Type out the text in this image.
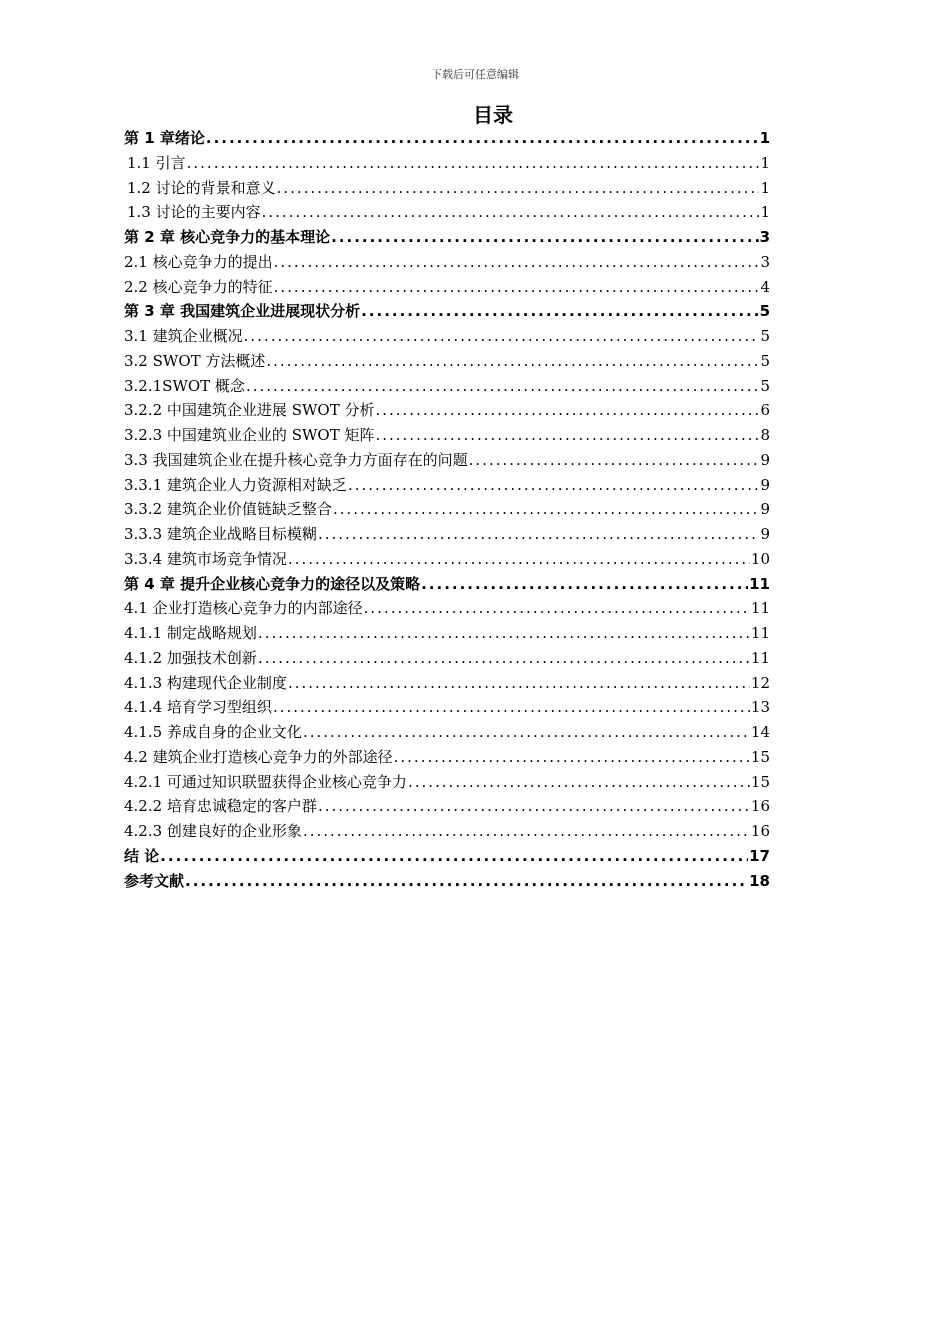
下载后可任意编辑
目录
第 1 章绪论 .....	1
1.1 引言 .....	1
1.2 讨论的背景和意义 .....	1
1.3 讨论的主要内容 .....	1
第 2 章 核心竞争力的基本理论 .....	3
2.1 核心竞争力的提出 .....	3
2.2 核心竞争力的特征 .....	4
第 3 章 我国建筑企业进展现状分析 .....	5
3.1 建筑企业概况 .....	5
3.2 SWOT 方法概述 .....	5
3.2.1SWOT 概念 .....	5
3.2.2 中国建筑企业进展 SWOT 分析 .....	6
3.2.3 中国建筑业企业的 SWOT 矩阵 .....	8
3.3 我国建筑企业在提升核心竞争力方面存在的问题 .....	9
3.3.1 建筑企业人力资源相对缺乏 .....	9
3.3.2 建筑企业价值链缺乏整合 .....	9
3.3.3 建筑企业战略目标模糊 .....	9
3.3.4 建筑市场竞争情况 .....	10
第 4 章 提升企业核心竞争力的途径以及策略 .....	11
4.1 企业打造核心竞争力的内部途径 .....	11
4.1.1 制定战略规划 .....	11
4.1.2 加强技术创新 .....	11
4.1.3 构建现代企业制度 .....	12
4.1.4 培育学习型组织 .....	13
4.1.5 养成自身的企业文化 .....	14
4.2 建筑企业打造核心竞争力的外部途径 .....	15
4.2.1 可通过知识联盟获得企业核心竞争力 .....	15
4.2.2 培育忠诚稳定的客户群 .....	16
4.2.3 创建良好的企业形象 .....	16
结 论 .....	17
参考文献 .....	18
